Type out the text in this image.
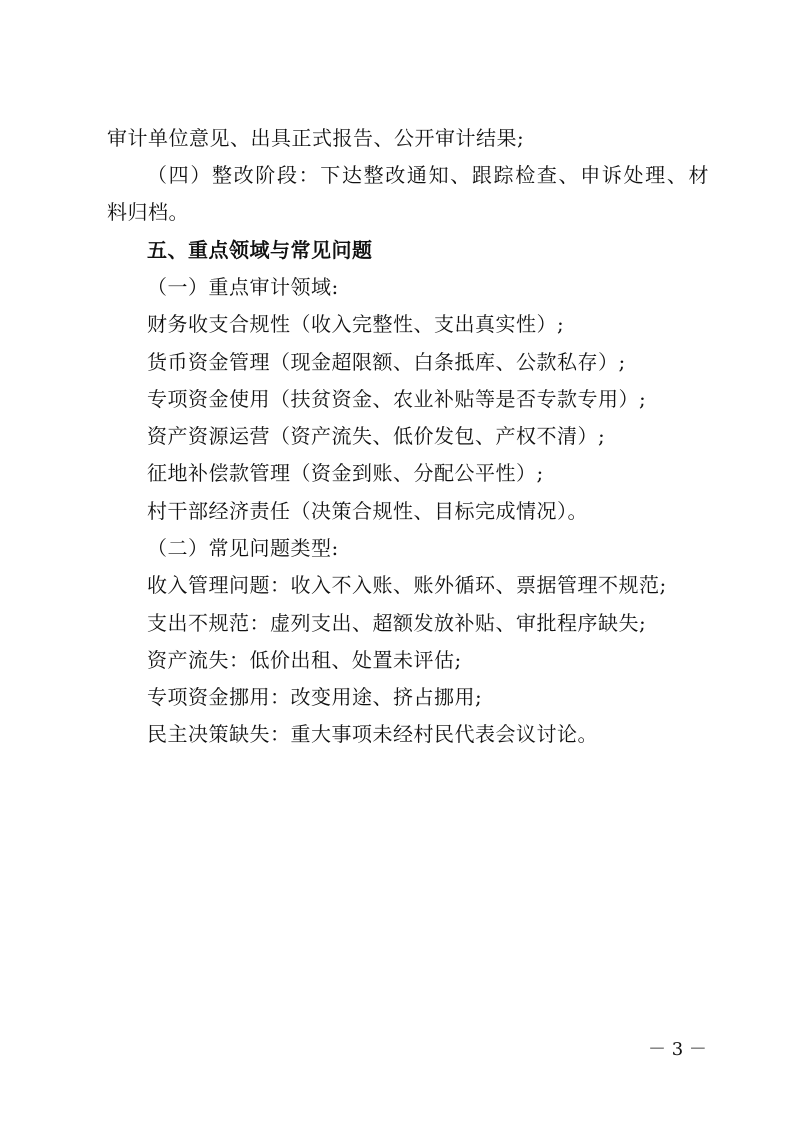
审计单位意见、出具正式报告、公开审计结果;
（四）整改阶段：下达整改通知、跟踪检查、申诉处理、材
料归档。
五、重点领域与常见问题
（一）重点审计领域:
财务收支合规性（收入完整性、支出真实性）;
货币资金管理（现金超限额、白条抵库、公款私存）;
专项资金使用（扶贫资金、农业补贴等是否专款专用）;
资产资源运营（资产流失、低价发包、产权不清）;
征地补偿款管理（资金到账、分配公平性）;
村干部经济责任（决策合规性、目标完成情况）。
（二）常见问题类型:
收入管理问题：收入不入账、账外循环、票据管理不规范;
支出不规范：虚列支出、超额发放补贴、审批程序缺失;
资产流失：低价出租、处置未评估;
专项资金挪用：改变用途、挤占挪用;
民主决策缺失：重大事项未经村民代表会议讨论。
－ 3 －
